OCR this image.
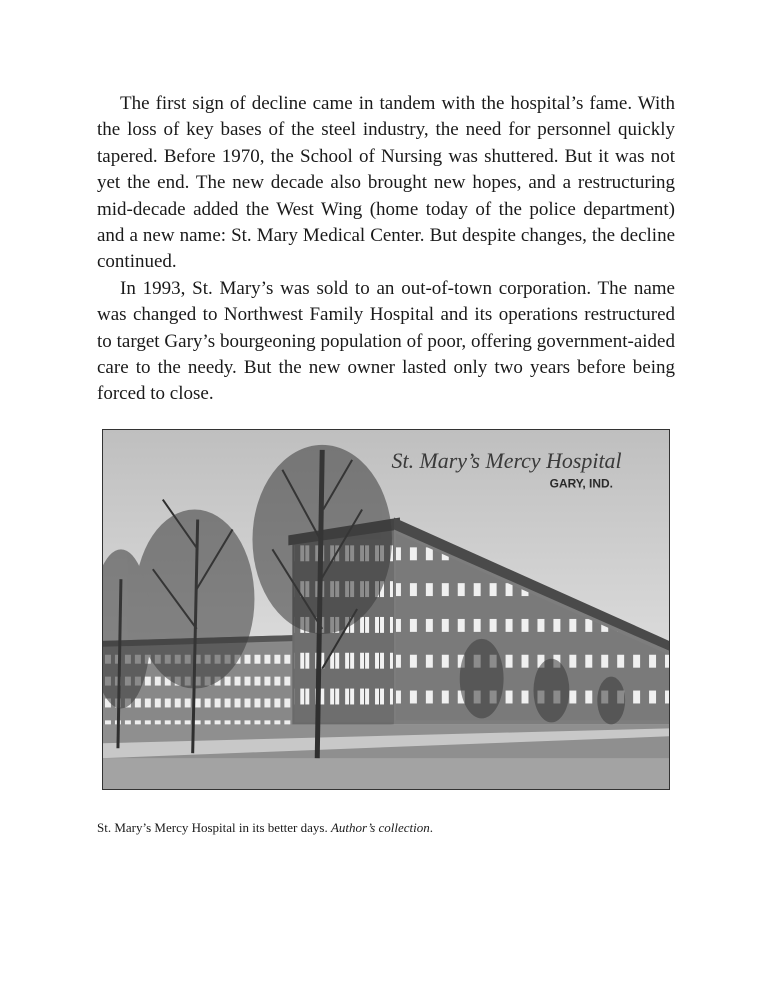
The first sign of decline came in tandem with the hospital’s fame. With the loss of key bases of the steel industry, the need for personnel quickly tapered. Before 1970, the School of Nursing was shuttered. But it was not yet the end. The new decade also brought new hopes, and a restructuring mid-decade added the West Wing (home today of the police department) and a new name: St. Mary Medical Center. But despite changes, the decline continued.

In 1993, St. Mary’s was sold to an out-of-town corporation. The name was changed to Northwest Family Hospital and its operations restructured to target Gary’s bourgeoning population of poor, offering government-aided care to the needy. But the new owner lasted only two years before being forced to close.

St. Mary’s Mercy Hospital
GARY, IND.
St. Mary’s Mercy Hospital in its better days. Author’s collection.
